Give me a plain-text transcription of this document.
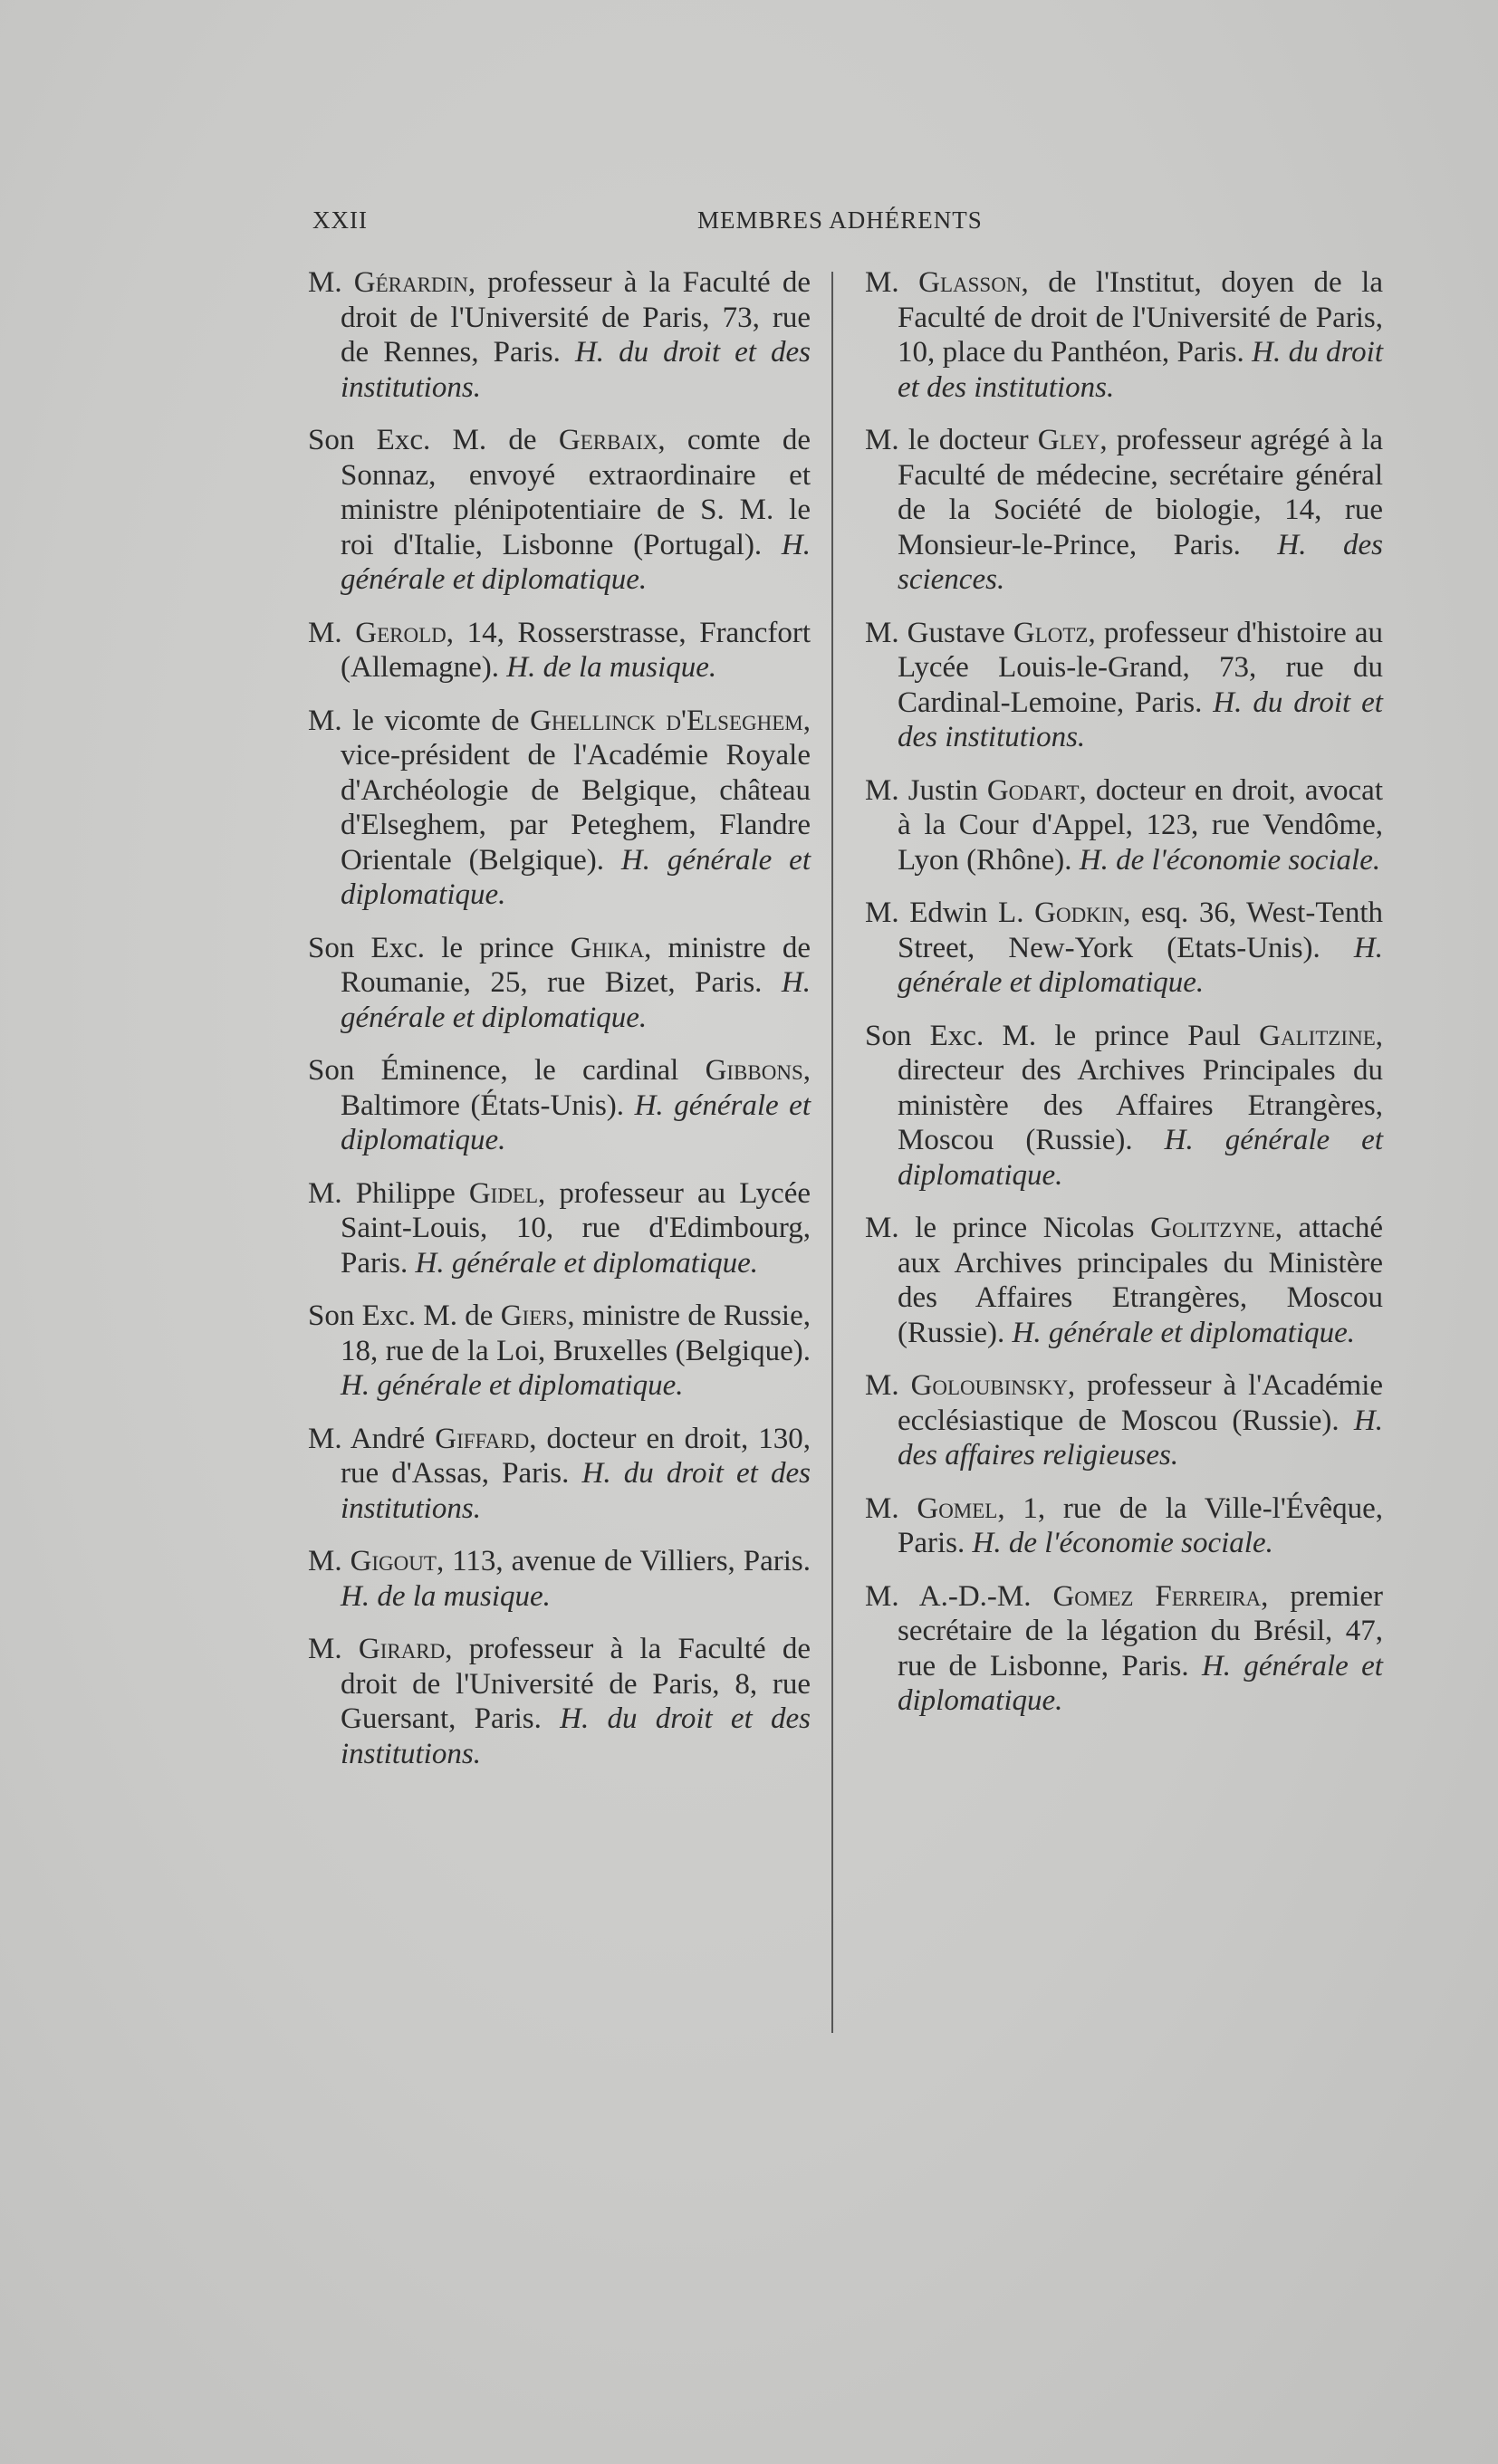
XXII	MEMBRES ADHÉRENTS

M. Gérardin, professeur à la Faculté de droit de l'Université de Paris, 73, rue de Rennes, Paris. H. du droit et des institutions.

Son Exc. M. de Gerbaix, comte de Sonnaz, envoyé extraordinaire et ministre plénipotentiaire de S. M. le roi d'Italie, Lisbonne (Portugal). H. générale et diplomatique.

M. Gerold, 14, Rosserstrasse, Francfort (Allemagne). H. de la musique.

M. le vicomte de Ghellinck d'Elseghem, vice-président de l'Académie Royale d'Archéologie de Belgique, château d'Elseghem, par Peteghem, Flandre Orientale (Belgique). H. générale et diplomatique.

Son Exc. le prince Ghika, ministre de Roumanie, 25, rue Bizet, Paris. H. générale et diplomatique.

Son Éminence, le cardinal Gibbons, Baltimore (États-Unis). H. générale et diplomatique.

M. Philippe Gidel, professeur au Lycée Saint-Louis, 10, rue d'Edimbourg, Paris. H. générale et diplomatique.

Son Exc. M. de Giers, ministre de Russie, 18, rue de la Loi, Bruxelles (Belgique). H. générale et diplomatique.

M. André Giffard, docteur en droit, 130, rue d'Assas, Paris. H. du droit et des institutions.

M. Gigout, 113, avenue de Villiers, Paris. H. de la musique.

M. Girard, professeur à la Faculté de droit de l'Université de Paris, 8, rue Guersant, Paris. H. du droit et des institutions.

M. Glasson, de l'Institut, doyen de la Faculté de droit de l'Université de Paris, 10, place du Panthéon, Paris. H. du droit et des institutions.

M. le docteur Gley, professeur agrégé à la Faculté de médecine, secrétaire général de la Société de biologie, 14, rue Monsieur-le-Prince, Paris. H. des sciences.

M. Gustave Glotz, professeur d'histoire au Lycée Louis-le-Grand, 73, rue du Cardinal-Lemoine, Paris. H. du droit et des institutions.

M. Justin Godart, docteur en droit, avocat à la Cour d'Appel, 123, rue Vendôme, Lyon (Rhône). H. de l'économie sociale.

M. Edwin L. Godkin, esq. 36, West-Tenth Street, New-York (Etats-Unis). H. générale et diplomatique.

Son Exc. M. le prince Paul Galitzine, directeur des Archives Principales du ministère des Affaires Etrangères, Moscou (Russie). H. générale et diplomatique.

M. le prince Nicolas Golitzyne, attaché aux Archives principales du Ministère des Affaires Etrangères, Moscou (Russie). H. générale et diplomatique.

M. Goloubinsky, professeur à l'Académie ecclésiastique de Moscou (Russie). H. des affaires religieuses.

M. Gomel, 1, rue de la Ville-l'Évêque, Paris. H. de l'économie sociale.

M. A.-D.-M. Gomez Ferreira, premier secrétaire de la légation du Brésil, 47, rue de Lisbonne, Paris. H. générale et diplomatique.
